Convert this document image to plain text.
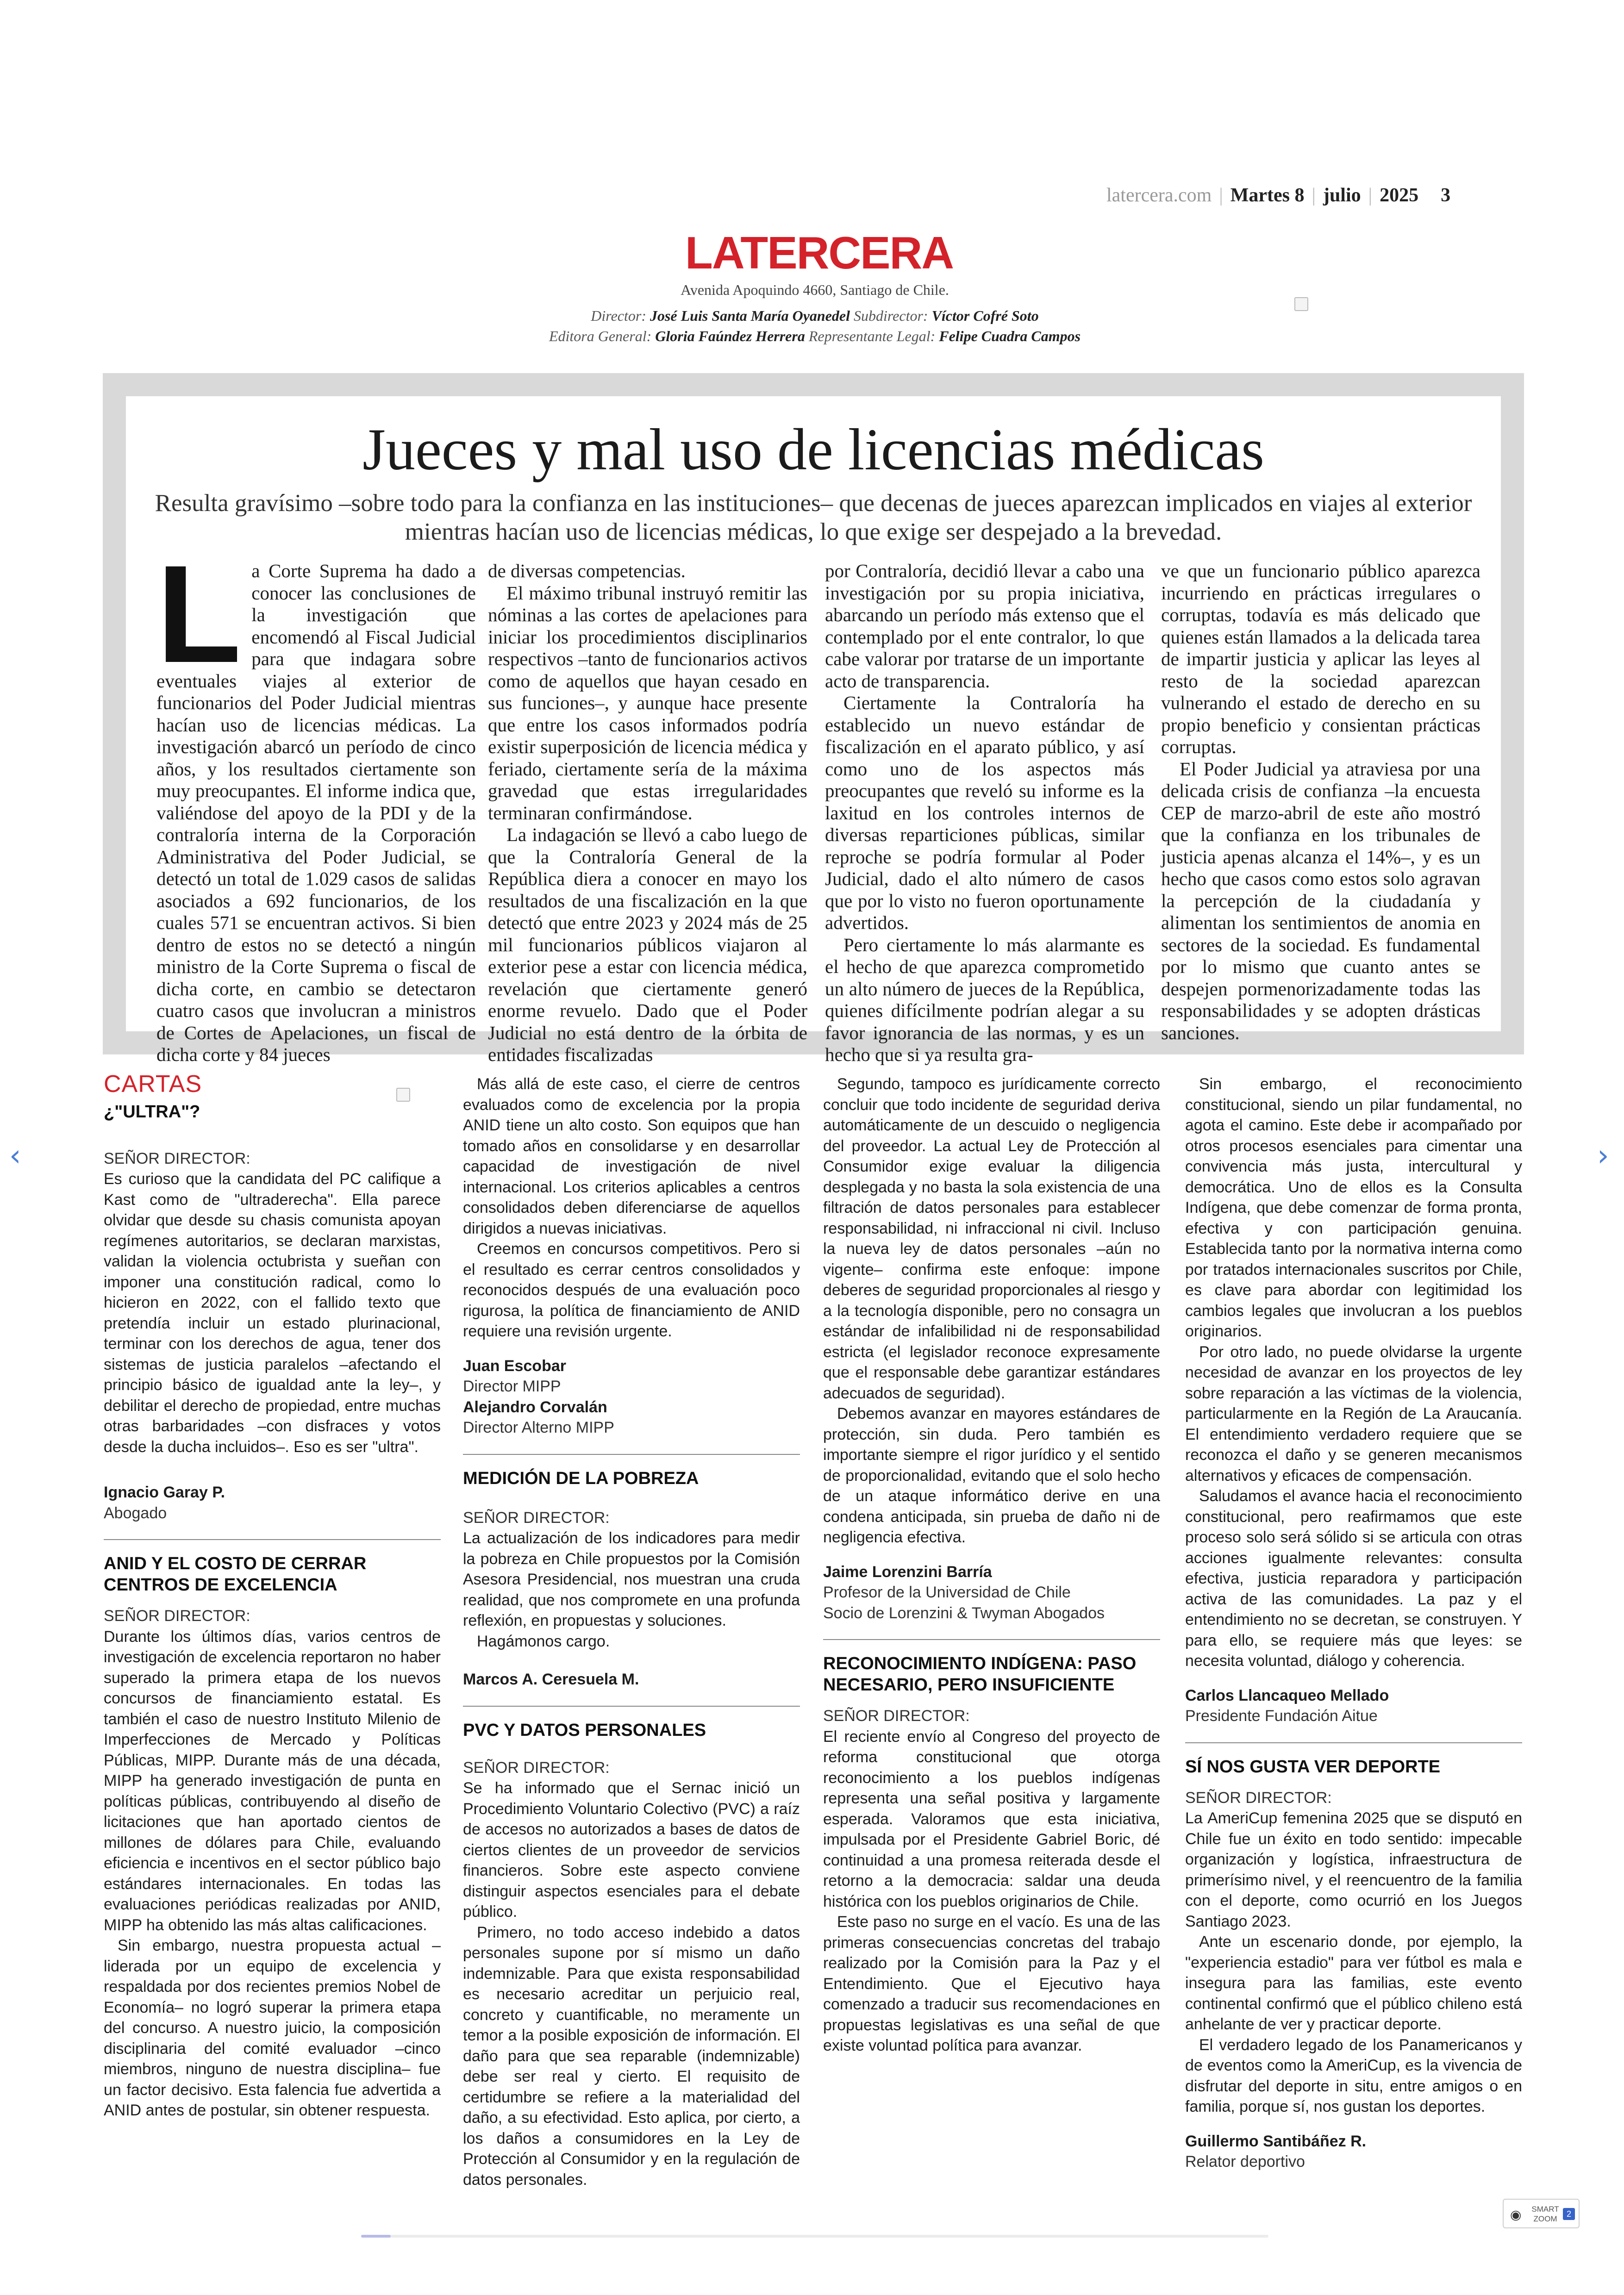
latercera.com | Martes 8 | julio | 2025 3
LATERCERA
Avenida Apoquindo 4660, Santiago de Chile.
Director: José Luis Santa María Oyanedel Subdirector: Víctor Cofré Soto
Editora General: Gloria Faúndez Herrera Representante Legal: Felipe Cuadra Campos
Jueces y mal uso de licencias médicas
Resulta gravísimo –sobre todo para la confianza en las instituciones– que decenas de jueces aparezcan implicados en viajes al exterior mientras hacían uso de licencias médicas, lo que exige ser despejado a la brevedad.
L a Corte Suprema ha dado a conocer las conclusiones de la investigación que encomendó al Fiscal Judicial para que indagara sobre eventuales viajes al exterior de funcionarios del Poder Judicial mientras hacían uso de licencias médicas. La investigación abarcó un período de cinco años, y los resultados ciertamente son muy preocupantes. El informe indica que, valiéndose del apoyo de la PDI y de la contraloría interna de la Corporación Administrativa del Poder Judicial, se detectó un total de 1.029 casos de salidas asociados a 692 funcionarios, de los cuales 571 se encuentran activos. Si bien dentro de estos no se detectó a ningún ministro de la Corte Suprema o fiscal de dicha corte, en cambio se detectaron cuatro casos que involucran a ministros de Cortes de Apelaciones, un fiscal de dicha corte y 84 jueces

de diversas competencias.

El máximo tribunal instruyó remitir las nóminas a las cortes de apelaciones para iniciar los procedimientos disciplinarios respectivos –tanto de funcionarios activos como de aquellos que hayan cesado en sus funciones–, y aunque hace presente que entre los casos informados podría existir superposición de licencia médica y feriado, ciertamente sería de la máxima gravedad que estas irregularidades terminaran confirmándose.

La indagación se llevó a cabo luego de que la Contraloría General de la República diera a conocer en mayo los resultados de una fiscalización en la que detectó que entre 2023 y 2024 más de 25 mil funcionarios públicos viajaron al exterior pese a estar con licencia médica, revelación que ciertamente generó enorme revuelo. Dado que el Poder Judicial no está dentro de la órbita de entidades fiscalizadas

por Contraloría, decidió llevar a cabo una investigación por su propia iniciativa, abarcando un período más extenso que el contemplado por el ente contralor, lo que cabe valorar por tratarse de un importante acto de transparencia.

Ciertamente la Contraloría ha establecido un nuevo estándar de fiscalización en el aparato público, y así como uno de los aspectos más preocupantes que reveló su informe es la laxitud en los controles internos de diversas reparticiones públicas, similar reproche se podría formular al Poder Judicial, dado el alto número de casos que por lo visto no fueron oportunamente advertidos.

Pero ciertamente lo más alarmante es el hecho de que aparezca comprometido un alto número de jueces de la República, quienes difícilmente podrían alegar a su favor ignorancia de las normas, y es un hecho que si ya resulta gra-

ve que un funcionario público aparezca incurriendo en prácticas irregulares o corruptas, todavía es más delicado que quienes están llamados a la delicada tarea de impartir justicia y aplicar las leyes al resto de la sociedad aparezcan vulnerando el estado de derecho en su propio beneficio y consientan prácticas corruptas.

El Poder Judicial ya atraviesa por una delicada crisis de confianza –la encuesta CEP de marzo-abril de este año mostró que la confianza en los tribunales de justicia apenas alcanza el 14%–, y es un hecho que casos como estos solo agravan la percepción de la ciudadanía y alimentan los sentimientos de anomia en sectores de la sociedad. Es fundamental por lo mismo que cuanto antes se despejen pormenorizadamente todas las responsabilidades y se adopten drásticas sanciones.

CARTAS
¿"ULTRA"?
SEÑOR DIRECTOR:

Es curioso que la candidata del PC califique a Kast como de "ultraderecha". Ella parece olvidar que desde su chasis comunista apoyan regímenes autoritarios, se declaran marxistas, validan la violencia octubrista y sueñan con imponer una constitución radical, como lo hicieron en 2022, con el fallido texto que pretendía incluir un estado plurinacional, terminar con los derechos de agua, tener dos sistemas de justicia paralelos –afectando el principio básico de igualdad ante la ley–, y debilitar el derecho de propiedad, entre muchas otras barbaridades –con disfraces y votos desde la ducha incluidos–. Eso es ser "ultra".

Ignacio Garay P.
Abogado
ANID Y EL COSTO DE CERRAR CENTROS DE EXCELENCIA
SEÑOR DIRECTOR:

Durante los últimos días, varios centros de investigación de excelencia reportaron no haber superado la primera etapa de los nuevos concursos de financiamiento estatal. Es también el caso de nuestro Instituto Milenio de Imperfecciones de Mercado y Políticas Públicas, MIPP. Durante más de una década, MIPP ha generado investigación de punta en políticas públicas, contribuyendo al diseño de licitaciones que han aportado cientos de millones de dólares para Chile, evaluando eficiencia e incentivos en el sector público bajo estándares internacionales. En todas las evaluaciones periódicas realizadas por ANID, MIPP ha obtenido las más altas calificaciones.

Sin embargo, nuestra propuesta actual –liderada por un equipo de excelencia y respaldada por dos recientes premios Nobel de Economía– no logró superar la primera etapa del concurso. A nuestro juicio, la composición disciplinaria del comité evaluador –cinco miembros, ninguno de nuestra disciplina– fue un factor decisivo. Esta falencia fue advertida a ANID antes de postular, sin obtener respuesta.

Más allá de este caso, el cierre de centros evaluados como de excelencia por la propia ANID tiene un alto costo. Son equipos que han tomado años en consolidarse y en desarrollar capacidad de investigación de nivel internacional. Los criterios aplicables a centros consolidados deben diferenciarse de aquellos dirigidos a nuevas iniciativas.

Creemos en concursos competitivos. Pero si el resultado es cerrar centros consolidados y reconocidos después de una evaluación poco rigurosa, la política de financiamiento de ANID requiere una revisión urgente.

Juan Escobar
Director MIPP
Alejandro Corvalán
Director Alterno MIPP
MEDICIÓN DE LA POBREZA
SEÑOR DIRECTOR:

La actualización de los indicadores para medir la pobreza en Chile propuestos por la Comisión Asesora Presidencial, nos muestran una cruda realidad, que nos compromete en una profunda reflexión, en propuestas y soluciones.

Hagámonos cargo.

Marcos A. Ceresuela M.
PVC Y DATOS PERSONALES
SEÑOR DIRECTOR:

Se ha informado que el Sernac inició un Procedimiento Voluntario Colectivo (PVC) a raíz de accesos no autorizados a bases de datos de ciertos clientes de un proveedor de servicios financieros. Sobre este aspecto conviene distinguir aspectos esenciales para el debate público.

Primero, no todo acceso indebido a datos personales supone por sí mismo un daño indemnizable. Para que exista responsabilidad es necesario acreditar un perjuicio real, concreto y cuantificable, no meramente un temor a la posible exposición de información. El daño para que sea reparable (indemnizable) debe ser real y cierto. El requisito de certidumbre se refiere a la materialidad del daño, a su efectividad. Esto aplica, por cierto, a los daños a consumidores en la Ley de Protección al Consumidor y en la regulación de datos personales.

Segundo, tampoco es jurídicamente correcto concluir que todo incidente de seguridad deriva automáticamente de un descuido o negligencia del proveedor. La actual Ley de Protección al Consumidor exige evaluar la diligencia desplegada y no basta la sola existencia de una filtración de datos personales para establecer responsabilidad, ni infraccional ni civil. Incluso la nueva ley de datos personales –aún no vigente– confirma este enfoque: impone deberes de seguridad proporcionales al riesgo y a la tecnología disponible, pero no consagra un estándar de infalibilidad ni de responsabilidad estricta (el legislador reconoce expresamente que el responsable debe garantizar estándares adecuados de seguridad).

Debemos avanzar en mayores estándares de protección, sin duda. Pero también es importante siempre el rigor jurídico y el sentido de proporcionalidad, evitando que el solo hecho de un ataque informático derive en una condena anticipada, sin prueba de daño ni de negligencia efectiva.

Jaime Lorenzini Barría
Profesor de la Universidad de Chile
Socio de Lorenzini & Twyman Abogados
RECONOCIMIENTO INDÍGENA: PASO NECESARIO, PERO INSUFICIENTE
SEÑOR DIRECTOR:

El reciente envío al Congreso del proyecto de reforma constitucional que otorga reconocimiento a los pueblos indígenas representa una señal positiva y largamente esperada. Valoramos que esta iniciativa, impulsada por el Presidente Gabriel Boric, dé continuidad a una promesa reiterada desde el retorno a la democracia: saldar una deuda histórica con los pueblos originarios de Chile.

Este paso no surge en el vacío. Es una de las primeras consecuencias concretas del trabajo realizado por la Comisión para la Paz y el Entendimiento. Que el Ejecutivo haya comenzado a traducir sus recomendaciones en propuestas legislativas es una señal de que existe voluntad política para avanzar.

Sin embargo, el reconocimiento constitucional, siendo un pilar fundamental, no agota el camino. Este debe ir acompañado por otros procesos esenciales para cimentar una convivencia más justa, intercultural y democrática. Uno de ellos es la Consulta Indígena, que debe comenzar de forma pronta, efectiva y con participación genuina. Establecida tanto por la normativa interna como por tratados internacionales suscritos por Chile, es clave para abordar con legitimidad los cambios legales que involucran a los pueblos originarios.

Por otro lado, no puede olvidarse la urgente necesidad de avanzar en los proyectos de ley sobre reparación a las víctimas de la violencia, particularmente en la Región de La Araucanía. El entendimiento verdadero requiere que se reconozca el daño y se generen mecanismos alternativos y eficaces de compensación.

Saludamos el avance hacia el reconocimiento constitucional, pero reafirmamos que este proceso solo será sólido si se articula con otras acciones igualmente relevantes: consulta efectiva, justicia reparadora y participación activa de las comunidades. La paz y el entendimiento no se decretan, se construyen. Y para ello, se requiere más que leyes: se necesita voluntad, diálogo y coherencia.

Carlos Llancaqueo Mellado
Presidente Fundación Aitue
SÍ NOS GUSTA VER DEPORTE
SEÑOR DIRECTOR:

La AmeriCup femenina 2025 que se disputó en Chile fue un éxito en todo sentido: impecable organización y logística, infraestructura de primerísimo nivel, y el reencuentro de la familia con el deporte, como ocurrió en los Juegos Santiago 2023.

Ante un escenario donde, por ejemplo, la "experiencia estadio" para ver fútbol es mala e insegura para las familias, este evento continental confirmó que el público chileno está anhelante de ver y practicar deporte.

El verdadero legado de los Panamericanos y de eventos como la AmeriCup, es la vivencia de disfrutar del deporte in situ, entre amigos o en familia, porque sí, nos gustan los deportes.

Guillermo Santibáñez R.
Relator deportivo
‹	›
◉ SMART ZOOM
2
